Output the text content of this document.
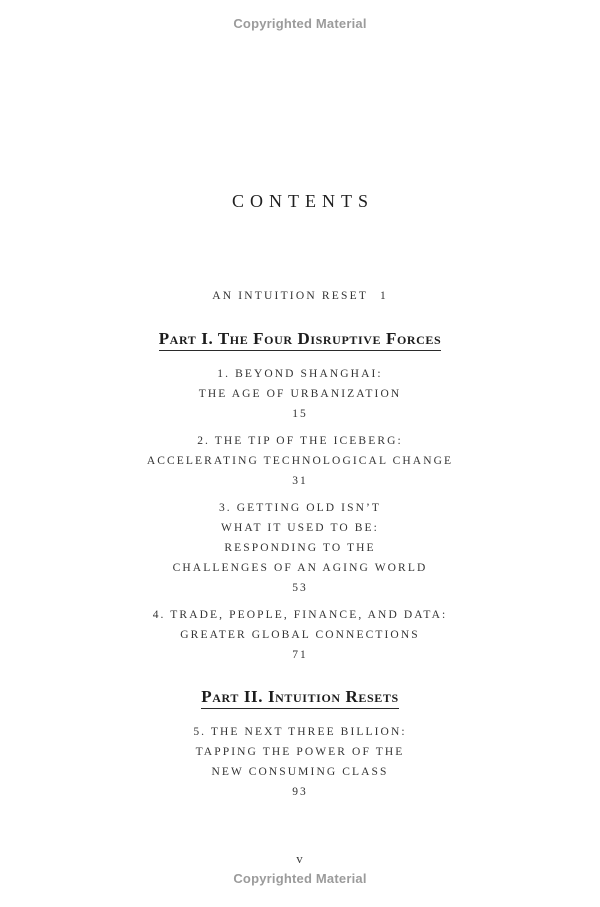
Copyrighted Material
CONTENTS
AN INTUITION RESET 1
Part I. The Four Disruptive Forces
1. BEYOND SHANGHAI:
THE AGE OF URBANIZATION
15
2. THE TIP OF THE ICEBERG:
ACCELERATING TECHNOLOGICAL CHANGE
31
3. GETTING OLD ISN’T
WHAT IT USED TO BE:
RESPONDING TO THE
CHALLENGES OF AN AGING WORLD
53
4. TRADE, PEOPLE, FINANCE, AND DATA:
GREATER GLOBAL CONNECTIONS
71
Part II. Intuition Resets
5. THE NEXT THREE BILLION:
TAPPING THE POWER OF THE
NEW CONSUMING CLASS
93
v
Copyrighted Material
